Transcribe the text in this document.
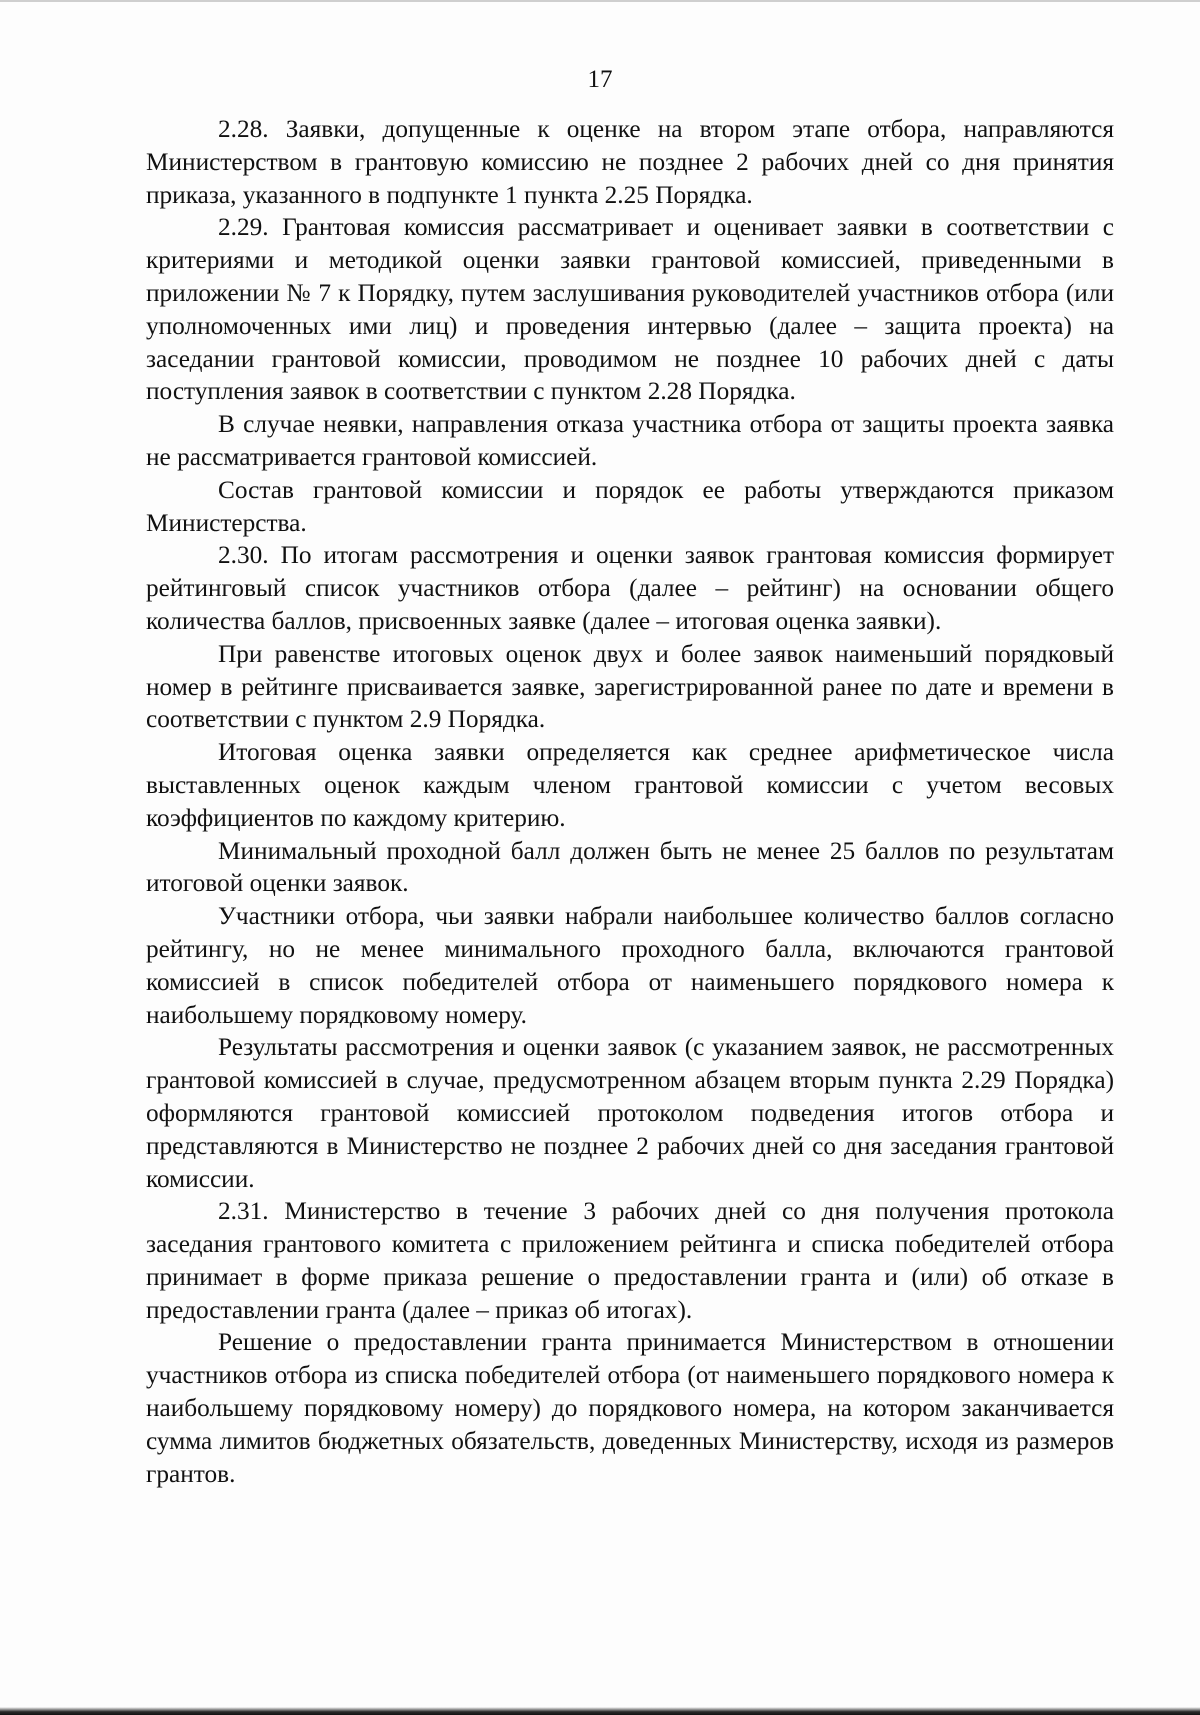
17

2.28. Заявки, допущенные к оценке на втором этапе отбора, направляются Министерством в грантовую комиссию не позднее 2 рабочих дней со дня принятия приказа, указанного в подпункте 1 пункта 2.25 Порядка.

2.29. Грантовая комиссия рассматривает и оценивает заявки в соответствии с критериями и методикой оценки заявки грантовой комиссией, приведенными в приложении № 7 к Порядку, путем заслушивания руководителей участников отбора (или уполномоченных ими лиц) и проведения интервью (далее – защита проекта) на заседании грантовой комиссии, проводимом не позднее 10 рабочих дней с даты поступления заявок в соответствии с пунктом 2.28 Порядка.

В случае неявки, направления отказа участника отбора от защиты проекта заявка не рассматривается грантовой комиссией.

Состав грантовой комиссии и порядок ее работы утверждаются приказом Министерства.

2.30. По итогам рассмотрения и оценки заявок грантовая комиссия формирует рейтинговый список участников отбора (далее – рейтинг) на основании общего количества баллов, присвоенных заявке (далее – итоговая оценка заявки).

При равенстве итоговых оценок двух и более заявок наименьший порядковый номер в рейтинге присваивается заявке, зарегистрированной ранее по дате и времени в соответствии с пунктом 2.9 Порядка.

Итоговая оценка заявки определяется как среднее арифметическое числа выставленных оценок каждым членом грантовой комиссии с учетом весовых коэффициентов по каждому критерию.

Минимальный проходной балл должен быть не менее 25 баллов по результатам итоговой оценки заявок.

Участники отбора, чьи заявки набрали наибольшее количество баллов согласно рейтингу, но не менее минимального проходного балла, включаются грантовой комиссией в список победителей отбора от наименьшего порядкового номера к наибольшему порядковому номеру.

Результаты рассмотрения и оценки заявок (с указанием заявок, не рассмотренных грантовой комиссией в случае, предусмотренном абзацем вторым пункта 2.29 Порядка) оформляются грантовой комиссией протоколом подведения итогов отбора и представляются в Министерство не позднее 2 рабочих дней со дня заседания грантовой комиссии.

2.31. Министерство в течение 3 рабочих дней со дня получения протокола заседания грантового комитета с приложением рейтинга и списка победителей отбора принимает в форме приказа решение о предоставлении гранта и (или) об отказе в предоставлении гранта (далее – приказ об итогах).

Решение о предоставлении гранта принимается Министерством в отношении участников отбора из списка победителей отбора (от наименьшего порядкового номера к наибольшему порядковому номеру) до порядкового номера, на котором заканчивается сумма лимитов бюджетных обязательств, доведенных Министерству, исходя из размеров грантов.
